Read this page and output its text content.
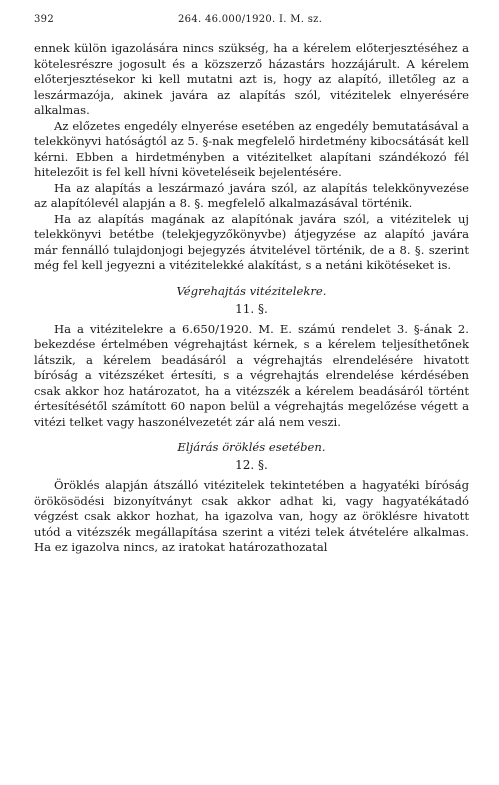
392	264. 46.000/1920. I. M. sz.

ennek külön igazolására nincs szükség, ha a kérelem előterjesztéséhez a kötelesrészre jogosult és a közszerző házastárs hozzájárult. A kérelem előterjesztésekor ki kell mutatni azt is, hogy az alapító, illetőleg az a leszármazója, akinek javára az alapítás szól, vitézitelek elnyerésére alkalmas.

Az előzetes engedély elnyerése esetében az engedély bemutatásával a telekkönyvi hatóságtól az 5. §-nak megfelelő hirdetmény kibocsátását kell kérni. Ebben a hirdetményben a vitézitelket alapítani szándékozó fél hitelezőit is fel kell hívni követeléseik bejelentésére.

Ha az alapítás a leszármazó javára szól, az alapítás telekkönyvezése az alapítólevél alapján a 8. §. megfelelő alkalmazásával történik.

Ha az alapítás magának az alapítónak javára szól, a vitézitelek uj telekkönyvi betétbe (telekjegyzőkönyvbe) átjegyzése az alapító javára már fennálló tulajdonjogi bejegyzés átvitelével történik, de a 8. §. szerint még fel kell jegyezni a vitézitelekké alakítást, s a netáni kikötéseket is.

Végrehajtás vitézitelekre.
11. §.

Ha a vitézitelekre a 6.650/1920. M. E. számú rendelet 3. §-ának 2. bekezdése értelmében végrehajtást kérnek, s a kérelem teljesíthetőnek látszik, a kérelem beadásáról a végrehajtás elrendelésére hivatott bíróság a vitézszéket értesíti, s a végrehajtás elrendelése kérdésében csak akkor hoz határozatot, ha a vitézszék a kérelem beadásáról történt értesítésétől számított 60 napon belül a végrehajtás megelőzése végett a vitézi telket vagy haszonélvezetét zár alá nem veszi.

Eljárás öröklés esetében.
12. §.

Öröklés alapján átszálló vitézitelek tekintetében a hagyatéki bíróság örökösödési bizonyítványt csak akkor adhat ki, vagy hagyatékátadó végzést csak akkor hozhat, ha igazolva van, hogy az öröklésre hivatott utód a vitézszék megállapítása szerint a vitézi telek átvételére alkalmas. Ha ez igazolva nincs, az iratokat határozathozatal
